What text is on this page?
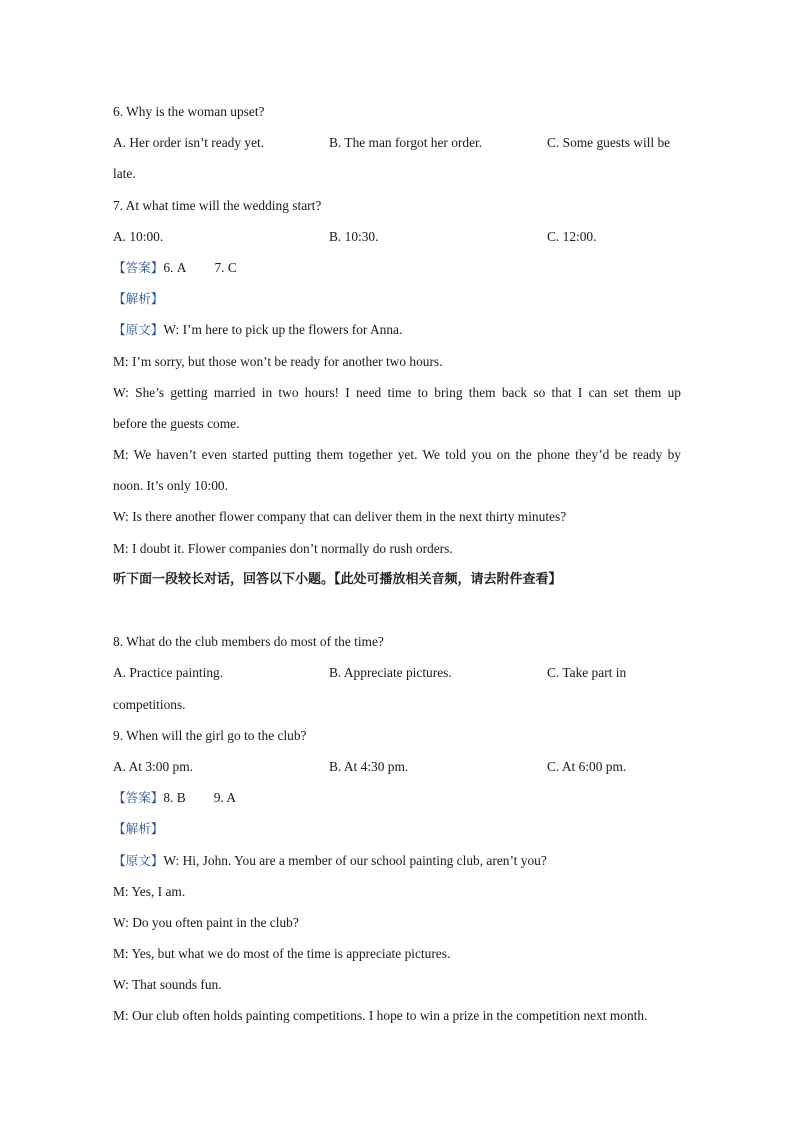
6. Why is the woman upset?
A. Her order isn’t ready yet.	B. The man forgot her order.	C. Some guests will be
late.
7. At what time will the wedding start?
A. 10:00.	B. 10:30.	C. 12:00.
【答案】6. A 7. C
【解析】
【原文】W: I’m here to pick up the flowers for Anna.
M: I’m sorry, but those won’t be ready for another two hours.
W: She’s getting married in two hours! I need time to bring them back so that I can set them up
before the guests come.
M: We haven’t even started putting them together yet. We told you on the phone they’d be ready by
noon. It’s only 10:00.
W: Is there another flower company that can deliver them in the next thirty minutes?
M: I doubt it. Flower companies don’t normally do rush orders.
听下面一段较长对话，回答以下小题。【此处可播放相关音频，请去附件查看】
8. What do the club members do most of the time?
A. Practice painting.	B. Appreciate pictures.	C. Take part in
competitions.
9. When will the girl go to the club?
A. At 3:00 pm.	B. At 4:30 pm.	C. At 6:00 pm.
【答案】8. B 9. A
【解析】
【原文】W: Hi, John. You are a member of our school painting club, aren’t you?
M: Yes, I am.
W: Do you often paint in the club?
M: Yes, but what we do most of the time is appreciate pictures.
W: That sounds fun.
M: Our club often holds painting competitions. I hope to win a prize in the competition next month.
